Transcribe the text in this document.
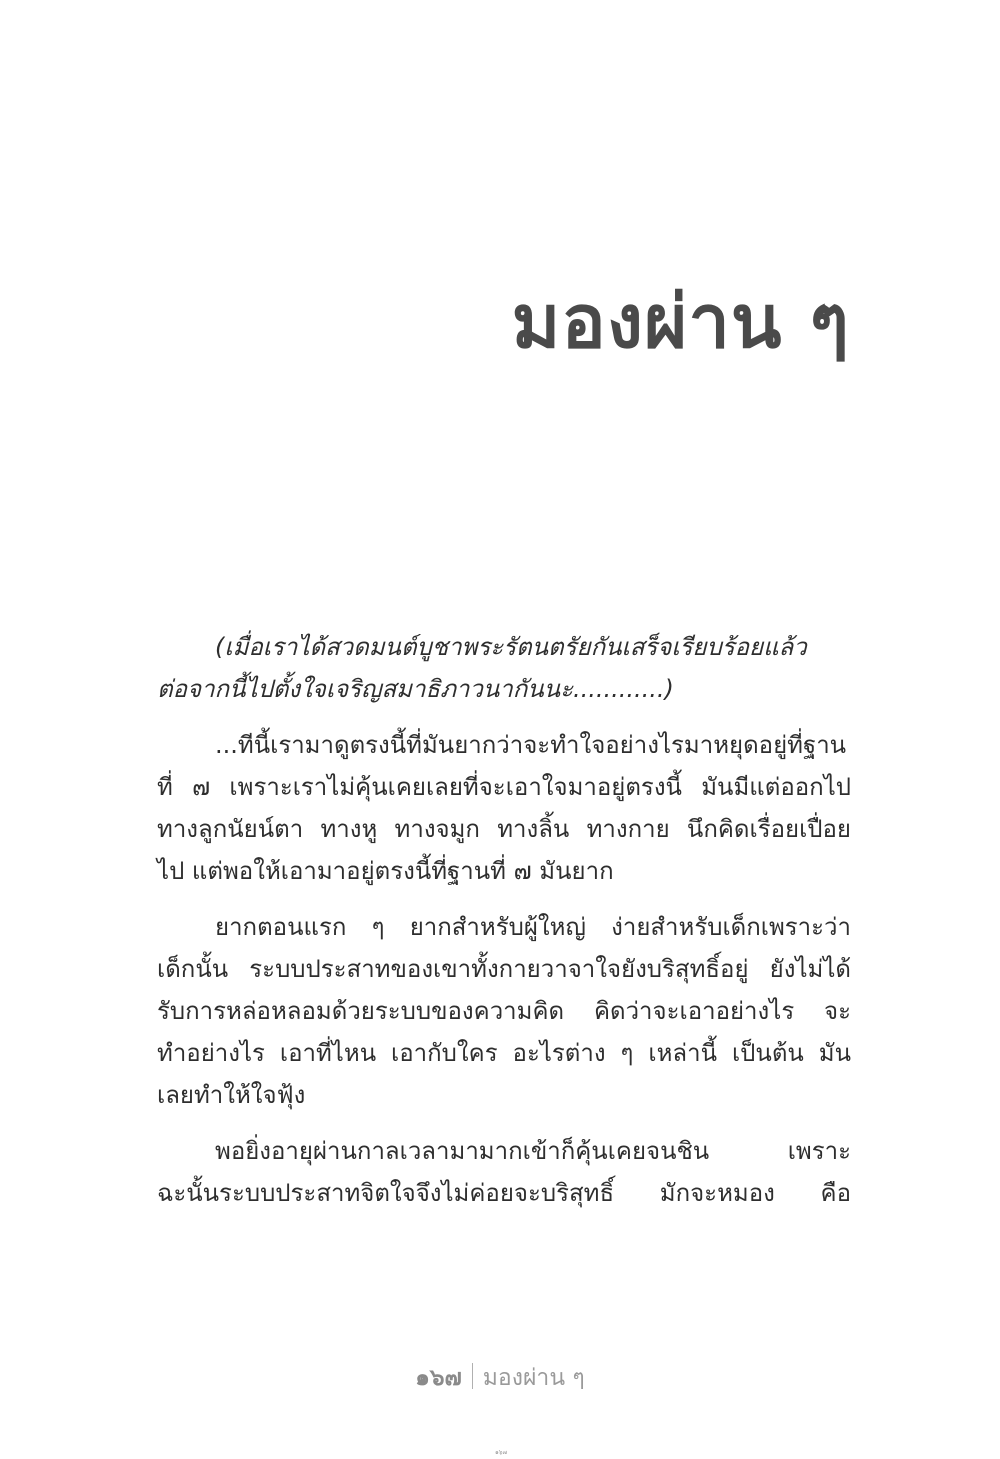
มองผ่าน ๆ

(เมื่อเราได้สวดมนต์บูชาพระรัตนตรัยกันเสร็จเรียบร้อยแล้ว
ต่อจากนี้ไปตั้งใจเจริญสมาธิภาวนากันนะ............)

...ทีนี้เรามาดูตรงนี้ที่มันยากว่าจะทำใจอย่างไรมาหยุดอยู่ที่ฐาน
ที่ ๗ เพราะเราไม่คุ้นเคยเลยที่จะเอาใจมาอยู่ตรงนี้ มันมีแต่ออกไป
ทางลูกนัยน์ตา ทางหู ทางจมูก ทางลิ้น ทางกาย นึกคิดเรื่อยเปื่อย
ไป แต่พอให้เอามาอยู่ตรงนี้ที่ฐานที่ ๗ มันยาก

ยากตอนแรก ๆ ยากสำหรับผู้ใหญ่ ง่ายสำหรับเด็กเพราะว่า
เด็กนั้น ระบบประสาทของเขาทั้งกายวาจาใจยังบริสุทธิ์อยู่ ยังไม่ได้
รับการหล่อหลอมด้วยระบบของความคิด คิดว่าจะเอาอย่างไร จะ
ทำอย่างไร เอาที่ไหน เอากับใคร อะไรต่าง ๆ เหล่านี้ เป็นต้น มัน
เลยทำให้ใจฟุ้ง

พอยิ่งอายุผ่านกาลเวลามามากเข้าก็คุ้นเคยจนชิน เพราะ
ฉะนั้นระบบประสาทจิตใจจึงไม่ค่อยจะบริสุทธิ์ มักจะหมอง คือ

๑๖๗ มองผ่าน ๆ
๑๖๗
